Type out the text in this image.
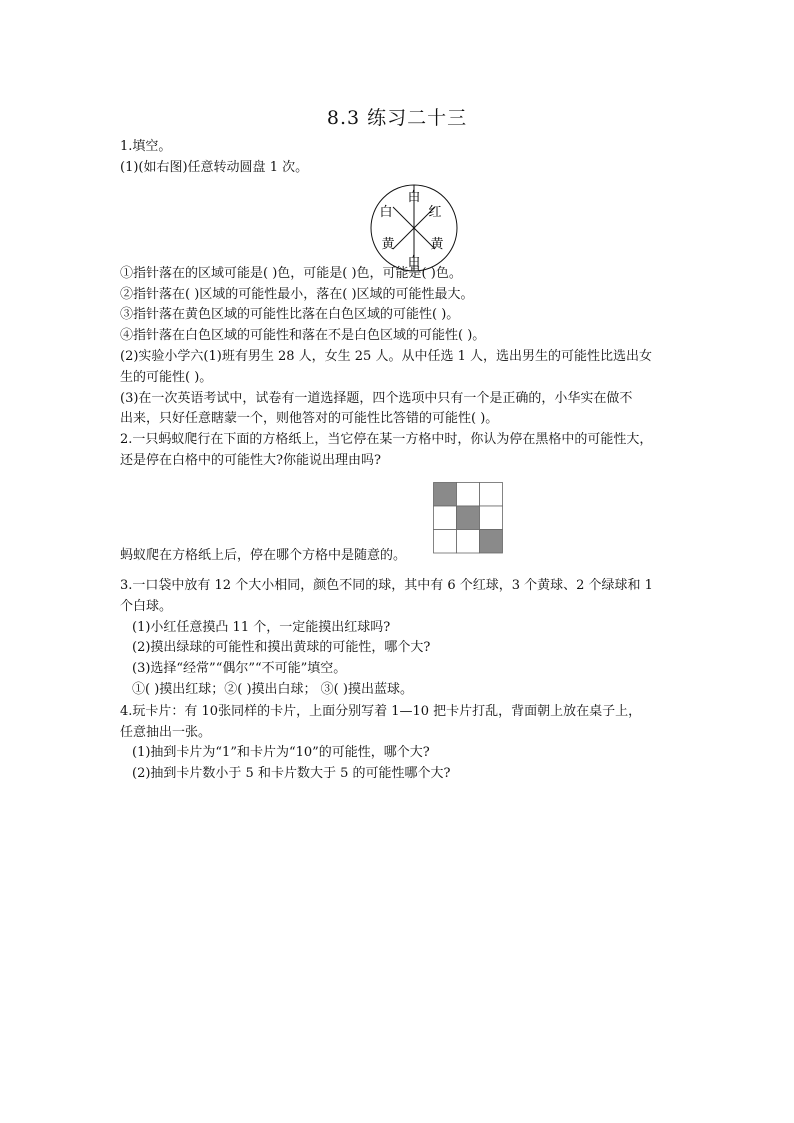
8.3 练习二十三
1.填空。
(1)(如右图)任意转动圆盘 1 次。
白
红
黄
白
黄
白
①指针落在的区域可能是( )色，可能是( )色，可能是( )色。
②指针落在( )区域的可能性最小，落在( )区域的可能性最大。
③指针落在黄色区域的可能性比落在白色区域的可能性( )。
④指针落在白色区域的可能性和落在不是白色区域的可能性( )。
(2)实验小学六(1)班有男生 28 人，女生 25 人。从中任选 1 人，选出男生的可能性比选出女
生的可能性( )。
(3)在一次英语考试中，试卷有一道选择题，四个选项中只有一个是正确的，小华实在做不
出来，只好任意瞎蒙一个，则他答对的可能性比答错的可能性( )。
2.一只蚂蚁爬行在下面的方格纸上，当它停在某一方格中时，你认为停在黑格中的可能性大，
还是停在白格中的可能性大?你能说出理由吗?
蚂蚁爬在方格纸上后，停在哪个方格中是随意的。
3.一口袋中放有 12 个大小相同，颜色不同的球，其中有 6 个红球，3 个黄球、2 个绿球和 1
个白球。
(1)小红任意摸凸 11 个，一定能摸出红球吗?
(2)摸出绿球的可能性和摸出黄球的可能性，哪个大?
(3)选择“经常”“偶尔”“不可能”填空。
①( )摸出红球；②( )摸出白球； ③( )摸出蓝球。
4.玩卡片：有 10张同样的卡片，上面分别写着 1—10 把卡片打乱，背面朝上放在桌子上，
任意抽出一张。
(1)抽到卡片为“1”和卡片为“10”的可能性，哪个大?
(2)抽到卡片数小于 5 和卡片数大于 5 的可能性哪个大?
